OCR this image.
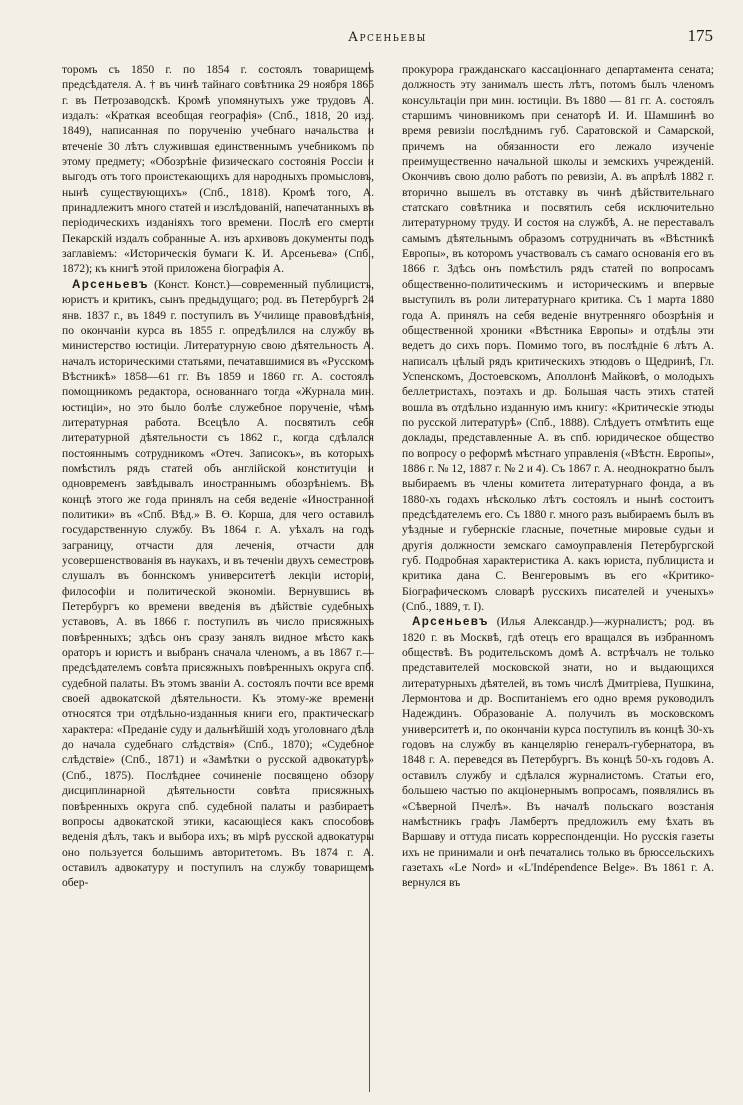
Арсеньевы	175

торомъ съ 1850 г. по 1854 г. состоялъ товарищемъ предсѣдателя. А. † въ чинѣ тайнаго совѣтника 29 ноября 1865 г. въ Петрозаводскѣ. Кромѣ упомянутыхъ уже трудовъ А. издалъ: «Краткая всеобщая географія» (Спб., 1818, 20 изд. 1849), написанная по порученію учебнаго начальства и втеченіе 30 лѣтъ служившая единственнымъ учебникомъ по этому предмету; «Обозрѣніе физическаго состоянія Россіи и выгодъ отъ того проистекающихъ для народныхъ промысловъ, нынѣ существующихъ» (Спб., 1818). Кромѣ того, А. принадлежитъ много статей и изслѣдованій, напечатанныхъ въ періодическихъ изданіяхъ того времени. Послѣ его смерти Пекарскій издалъ собранные А. изъ архивовъ документы подъ заглавіемъ: «Историческія бумаги К. И. Арсеньева» (Спб., 1872); къ книгѣ этой приложена біографія А.

Арсеньевъ (Конст. Конст.)—современный публицистъ, юристъ и критикъ, сынъ предыдущаго; род. въ Петербургѣ 24 янв. 1837 г., въ 1849 г. поступилъ въ Училище правовѣдѣнія, по окончаніи курса въ 1855 г. опредѣлился на службу въ министерство юстиціи. Литературную свою дѣятельность А. началъ историческими статьями, печатавшимися въ «Русскомъ Вѣстникѣ» 1858—61 гг. Въ 1859 и 1860 гг. А. состоялъ помощникомъ редактора, основаннаго тогда «Журнала мин. юстиціи», но это было болѣе служебное порученіе, чѣмъ литературная работа. Всецѣло А. посвятилъ себя литературной дѣятельности съ 1862 г., когда сдѣлался постояннымъ сотрудникомъ «Отеч. Записокъ», въ которыхъ помѣстилъ рядъ статей объ англійской конституціи и одновременъ завѣдывалъ иностраннымъ обозрѣніемъ. Въ концѣ этого же года принялъ на себя веденіе «Иностранной политики» въ «Спб. Вѣд.» В. Ө. Корша, для чего оставилъ государственную службу. Въ 1864 г. А. уѣхалъ на годъ заграницу, отчасти для леченія, отчасти для усовершенствованія въ наукахъ, и въ теченіи двухъ семестровъ слушалъ въ боннскомъ университетѣ лекціи исторіи, философіи и политической экономіи. Вернувшись въ Петербургъ ко времени введенія въ дѣйствіе судебныхъ уставовъ, А. въ 1866 г. поступилъ въ число присяжныхъ повѣренныхъ; здѣсь онъ сразу занялъ видное мѣсто какъ ораторъ и юристъ и выбранъ сначала членомъ, а въ 1867 г.—предсѣдателемъ совѣта присяжныхъ повѣренныхъ округа спб. судебной палаты. Въ этомъ званіи А. состоялъ почти все время своей адвокатской дѣятельности. Къ этому-же времени относятся три отдѣльно-изданныя книги его, практическаго характера: «Преданіе суду и дальнѣйшій ходъ уголовнаго дѣла до начала судебнаго слѣдствія» (Спб., 1870); «Судебное слѣдствіе» (Спб., 1871) и «Замѣтки о русской адвокатурѣ» (Спб., 1875). Послѣднее сочиненіе посвящено обзору дисциплинарной дѣятельности совѣта присяжныхъ повѣренныхъ округа спб. судебной палаты и разбираетъ вопросы адвокатской этики, касающіеся какъ способовъ веденія дѣлъ, такъ и выбора ихъ; въ мірѣ русской адвокатуры оно пользуется большимъ авторитетомъ. Въ 1874 г. А. оставилъ адвокатуру и поступилъ на службу товарищемъ обер-

прокурора гражданскаго кассаціоннаго департамента сената; должность эту занималъ шесть лѣтъ, потомъ былъ членомъ консультаціи при мин. юстиціи. Въ 1880 — 81 гг. А. состоялъ старшимъ чиновникомъ при сенаторѣ И. И. Шамшинѣ во время ревизіи послѣднимъ губ. Саратовской и Самарской, причемъ на обязанности его лежало изученіе преимущественно начальной школы и земскихъ учрежденій. Окончивъ свою долю работъ по ревизіи, А. въ апрѣлѣ 1882 г. вторично вышелъ въ отставку въ чинѣ дѣйствительнаго статскаго совѣтника и посвятилъ себя исключительно литературному труду. И состоя на службѣ, А. не переставалъ самымъ дѣятельнымъ образомъ сотрудничать въ «Вѣстникѣ Европы», въ которомъ участвовалъ съ самаго основанія его въ 1866 г. Здѣсь онъ помѣстилъ рядъ статей по вопросамъ общественно-политическимъ и историческимъ и впервые выступилъ въ роли литературнаго критика. Съ 1 марта 1880 года А. принялъ на себя веденіе внутренняго обозрѣнія и общественной хроники «Вѣстника Европы» и отдѣлы эти ведетъ до сихъ поръ. Помимо того, въ послѣдніе 6 лѣтъ А. написалъ цѣлый рядъ критическихъ этюдовъ о Щедринѣ, Гл. Успенскомъ, Достоевскомъ, Аполлонѣ Майковѣ, о молодыхъ беллетристахъ, поэтахъ и др. Большая часть этихъ статей вошла въ отдѣльно изданную имъ книгу: «Критическіе этюды по русской литературѣ» (Спб., 1888). Слѣдуетъ отмѣтить еще доклады, представленные А. въ спб. юридическое общество по вопросу о реформѣ мѣстнаго управленія («Вѣстн. Европы», 1886 г. № 12, 1887 г. № 2 и 4). Съ 1867 г. А. неоднократно былъ выбираемъ въ члены комитета литературнаго фонда, а въ 1880-хъ годахъ нѣсколько лѣтъ состоялъ и нынѣ состоитъ предсѣдателемъ его. Съ 1880 г. много разъ выбираемъ былъ въ уѣздные и губернскіе гласные, почетные мировые судьи и другія должности земскаго самоуправленія Петербургской губ. Подробная характеристика А. какъ юриста, публициста и критика дана С. Венгеровымъ въ его «Критико-Біографическомъ словарѣ русскихъ писателей и ученыхъ» (Спб., 1889, т. I).

Арсеньевъ (Илья Александр.)—журналистъ; род. въ 1820 г. въ Москвѣ, гдѣ отецъ его вращался въ избранномъ обществѣ. Въ родительскомъ домѣ А. встрѣчалъ не только представителей московской знати, но и выдающихся литературныхъ дѣятелей, въ томъ числѣ Дмитріева, Пушкина, Лермонтова и др. Воспитаніемъ его одно время руководилъ Надеждинъ. Образованіе А. получилъ въ московскомъ университетѣ и, по окончаніи курса поступилъ въ концѣ 30-хъ годовъ на службу въ канцелярію генералъ-губернатора, въ 1848 г. А. переведся въ Петербургъ. Въ концѣ 50-хъ годовъ А. оставилъ службу и сдѣлался журналистомъ. Статьи его, большею частью по акціонернымъ вопросамъ, появлялись въ «Сѣверной Пчелѣ». Въ началѣ польскаго возстанія намѣстникъ графъ Ламбертъ предложилъ ему ѣхать въ Варшаву и оттуда писать корреспонденціи. Но русскія газеты ихъ не принимали и онѣ печатались только въ брюссельскихъ газетахъ «Le Nord» и «L'Indépendence Belge». Въ 1861 г. А. вернулся въ
